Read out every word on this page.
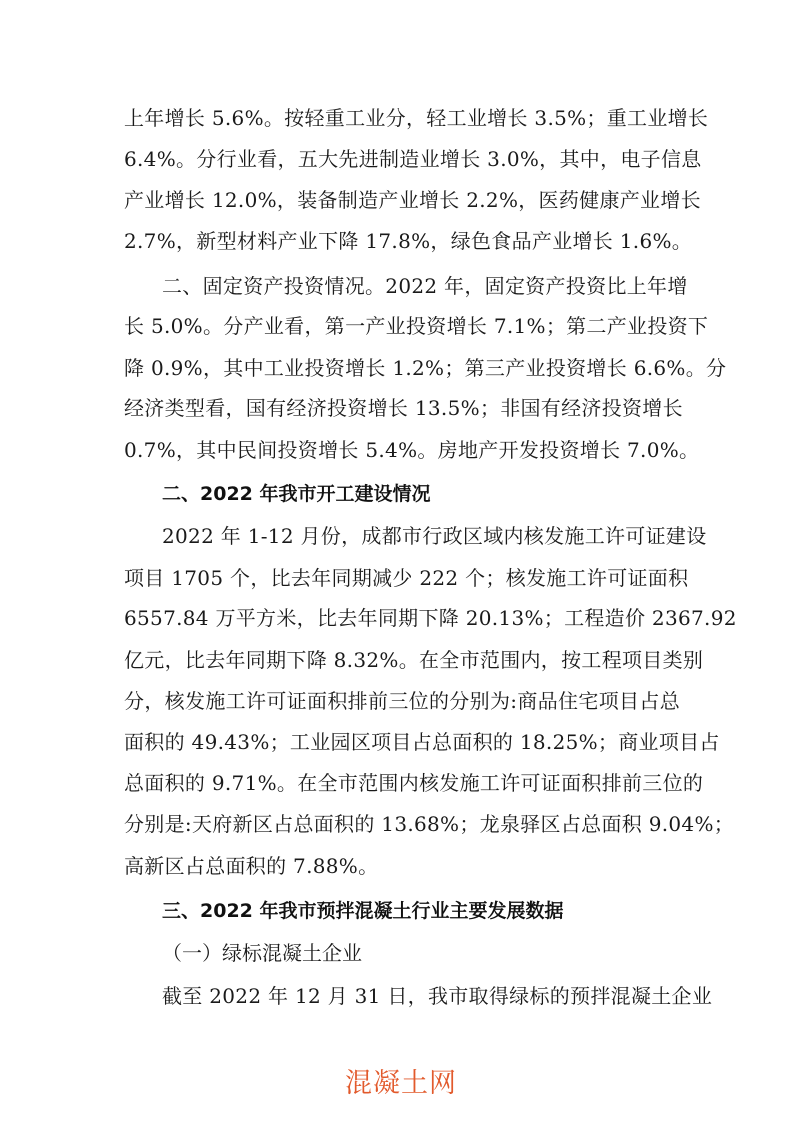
上年增长 5.6%。按轻重工业分，轻工业增长 3.5%；重工业增长
6.4%。分行业看，五大先进制造业增长 3.0%，其中，电子信息
产业增长 12.0%，装备制造产业增长 2.2%，医药健康产业增长
2.7%，新型材料产业下降 17.8%，绿色食品产业增长 1.6%。
二、固定资产投资情况。2022 年，固定资产投资比上年增
长 5.0%。分产业看，第一产业投资增长 7.1%；第二产业投资下
降 0.9%，其中工业投资增长 1.2%；第三产业投资增长 6.6%。分
经济类型看，国有经济投资增长 13.5%；非国有经济投资增长
0.7%，其中民间投资增长 5.4%。房地产开发投资增长 7.0%。
二、2022 年我市开工建设情况
2022 年 1-12 月份，成都市行政区域内核发施工许可证建设
项目 1705 个，比去年同期减少 222 个；核发施工许可证面积
6557.84 万平方米，比去年同期下降 20.13%；工程造价 2367.92
亿元，比去年同期下降 8.32%。在全市范围内，按工程项目类别
分，核发施工许可证面积排前三位的分别为:商品住宅项目占总
面积的 49.43%；工业园区项目占总面积的 18.25%；商业项目占
总面积的 9.71%。在全市范围内核发施工许可证面积排前三位的
分别是:天府新区占总面积的 13.68%；龙泉驿区占总面积 9.04%；
高新区占总面积的 7.88%。
三、2022 年我市预拌混凝土行业主要发展数据
（一）绿标混凝土企业
截至 2022 年 12 月 31 日，我市取得绿标的预拌混凝土企业
混凝土网
